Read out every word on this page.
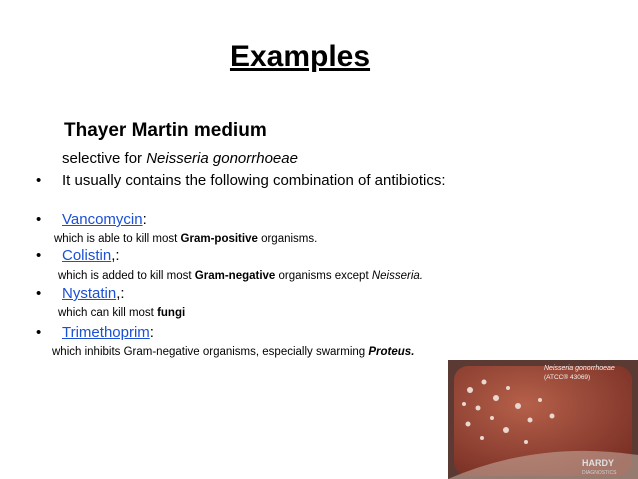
Examples
Thayer Martin medium
selective for Neisseria gonorrhoeae
• It usually contains the following combination of antibiotics:
• Vancomycin:
which is able to kill most Gram-positive organisms.
• Colistin,:
which is added to kill most Gram-negative organisms except Neisseria.
• Nystatin,:
which can kill most fungi
• Trimethoprim:
which inhibits Gram-negative organisms, especially swarming Proteus.
Neisseria gonorrhoeae
(ATCC® 43069)
HARDY
DIAGNOSTICS
